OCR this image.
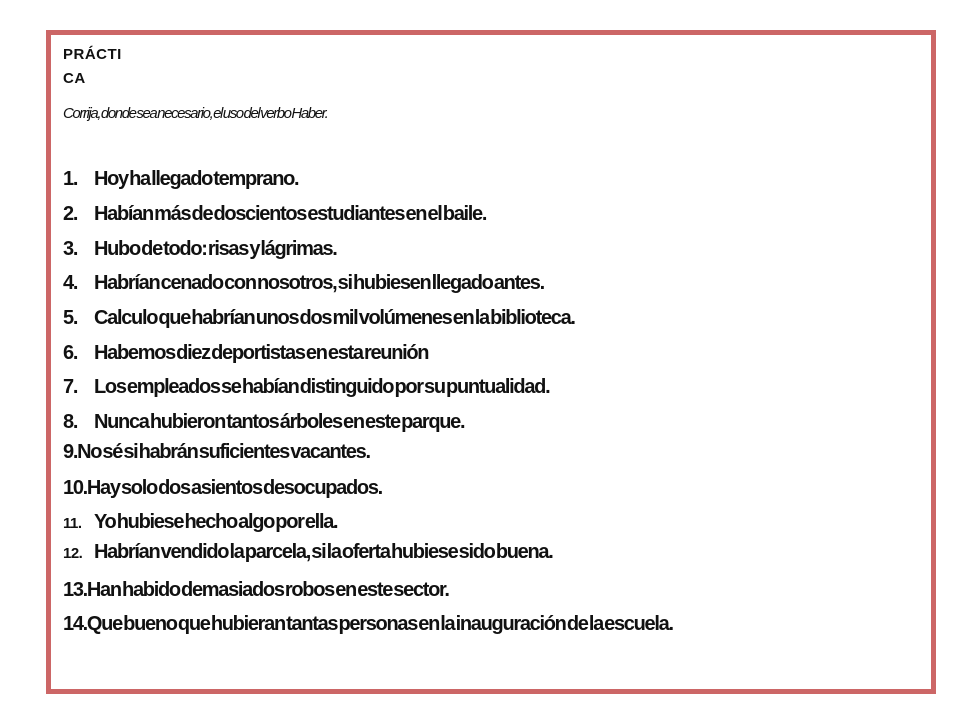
PRÁCTI
CA
Corrija, donde sea necesario, el uso del verbo Haber.
1. Hoy ha llegado temprano.
2. Habían más de doscientos estudiantes en el baile.
3. Hubo de todo: risas y lágrimas.
4. Habrían cenado con nosotros, si hubiesen llegado antes.
5. Calculo que habrían unos dos mil volúmenes en la biblioteca.
6. Habemos diez deportistas en esta reunión
7. Los empleados se habían distinguido por su puntualidad.
8. Nunca hubieron tantos árboles en este parque.
9.No sé si habrán suficientes vacantes.
10.Hay solo dos asientos desocupados.
11. Yo hubiese hecho algo por ella.
12. Habrían vendido la parcela, si la oferta hubiese sido buena.
13.Han habido demasiados robos en este sector.
14.Que bueno que hubieran tantas personas en la inauguración de la escuela.
